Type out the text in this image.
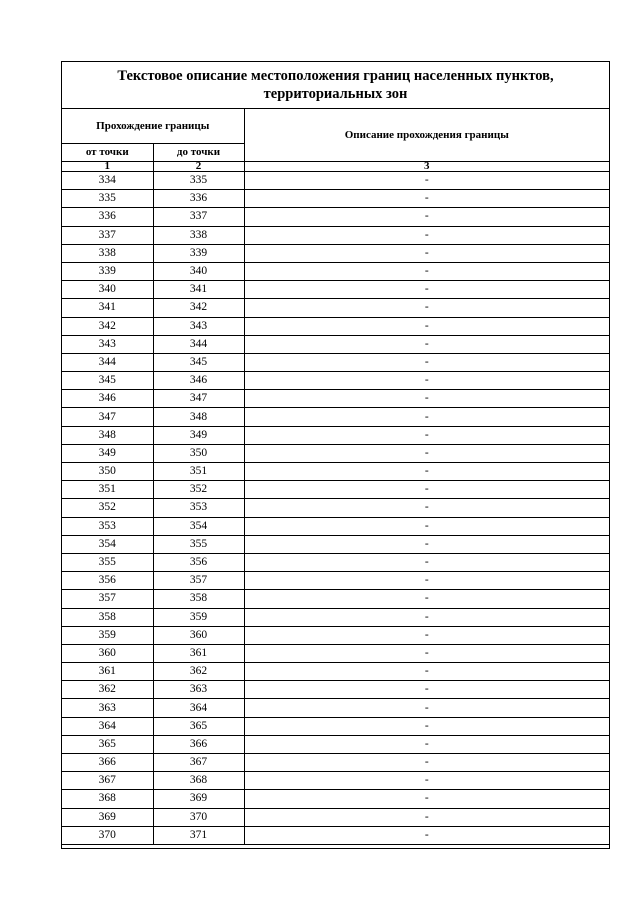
Текстовое описание местоположения границ населенных пунктов,
территориальных зон
Прохождение границы		Описание прохождения границы
от точки	до точки	
1	2	3
334	335	-
335	336	-
336	337	-
337	338	-
338	339	-
339	340	-
340	341	-
341	342	-
342	343	-
343	344	-
344	345	-
345	346	-
346	347	-
347	348	-
348	349	-
349	350	-
350	351	-
351	352	-
352	353	-
353	354	-
354	355	-
355	356	-
356	357	-
357	358	-
358	359	-
359	360	-
360	361	-
361	362	-
362	363	-
363	364	-
364	365	-
365	366	-
366	367	-
367	368	-
368	369	-
369	370	-
370	371	-
